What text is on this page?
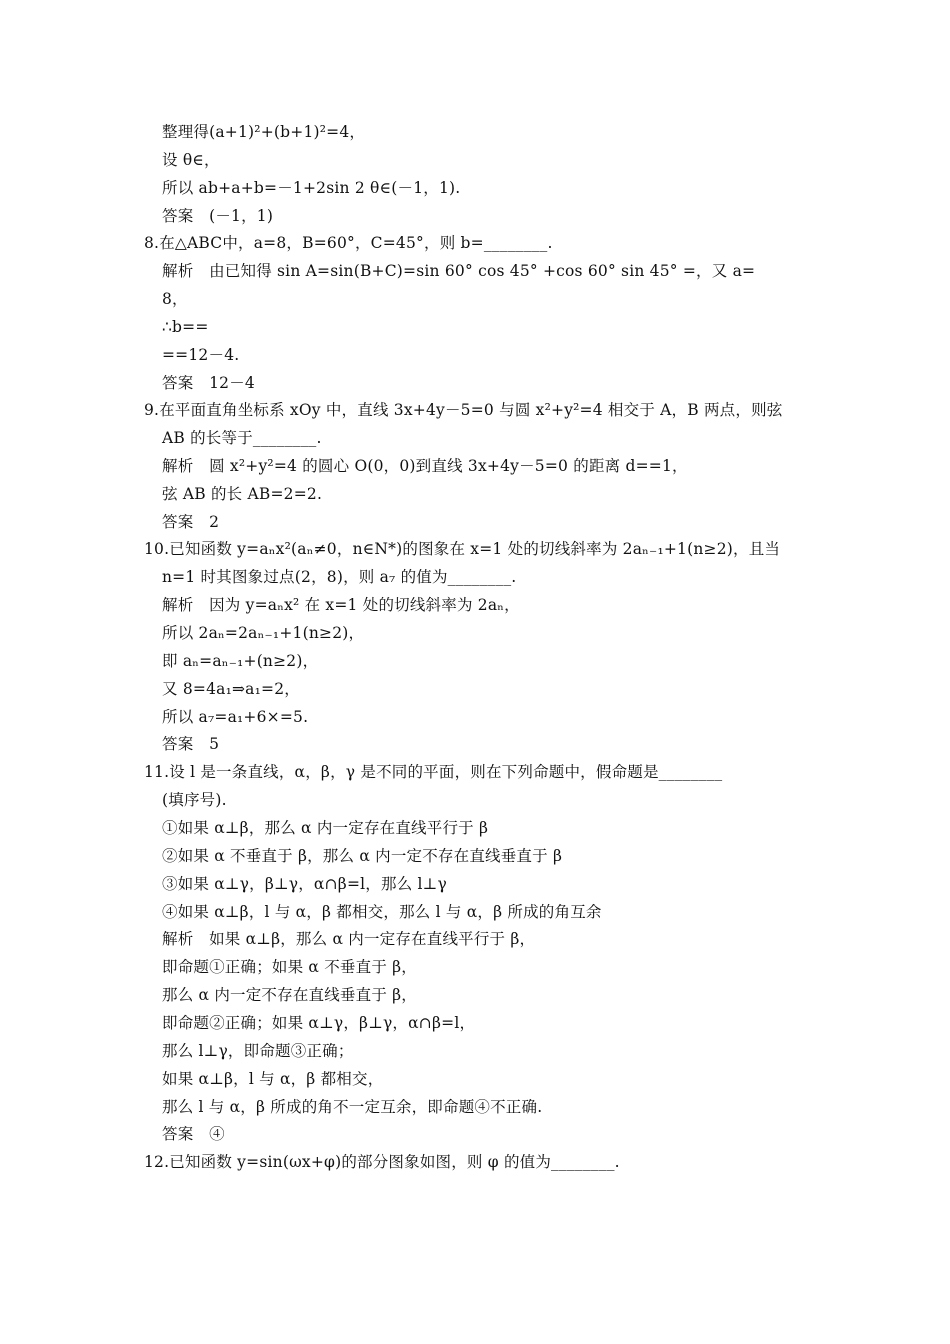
整理得(a+1)²+(b+1)²=4，
设 θ∈，
所以 ab+a+b=－1+2sin 2 θ∈(－1，1).
答案　(－1，1)
8.在△ABC中，a=8，B=60°，C=45°，则 b=________.
解析　由已知得 sin A=sin(B+C)=sin 60° cos 45° +cos 60° sin 45° =，又 a=
8，
∴b==
==12－4.
答案　12－4
9.在平面直角坐标系 xOy 中，直线 3x+4y－5=0 与圆 x²+y²=4 相交于 A，B 两点，则弦
AB 的长等于________.
解析　圆 x²+y²=4 的圆心 O(0，0)到直线 3x+4y－5=0 的距离 d==1，
弦 AB 的长 AB=2=2.
答案　2
10.已知函数 y=aₙx²(aₙ≠0，n∈N*)的图象在 x=1 处的切线斜率为 2aₙ₋₁+1(n≥2)，且当
n=1 时其图象过点(2，8)，则 a₇ 的值为________.
解析　因为 y=aₙx² 在 x=1 处的切线斜率为 2aₙ，
所以 2aₙ=2aₙ₋₁+1(n≥2)，
即 aₙ=aₙ₋₁+(n≥2)，
又 8=4a₁⇒a₁=2，
所以 a₇=a₁+6×=5.
答案　5
11.设 l 是一条直线，α，β，γ 是不同的平面，则在下列命题中，假命题是________
(填序号).
①如果 α⊥β，那么 α 内一定存在直线平行于 β
②如果 α 不垂直于 β，那么 α 内一定不存在直线垂直于 β
③如果 α⊥γ，β⊥γ，α∩β=l，那么 l⊥γ
④如果 α⊥β，l 与 α，β 都相交，那么 l 与 α，β 所成的角互余
解析　如果 α⊥β，那么 α 内一定存在直线平行于 β，
即命题①正确；如果 α 不垂直于 β，
那么 α 内一定不存在直线垂直于 β，
即命题②正确；如果 α⊥γ，β⊥γ，α∩β=l，
那么 l⊥γ，即命题③正确；
如果 α⊥β，l 与 α，β 都相交，
那么 l 与 α，β 所成的角不一定互余，即命题④不正确.
答案　④
12.已知函数 y=sin(ωx+φ)的部分图象如图，则 φ 的值为________.
